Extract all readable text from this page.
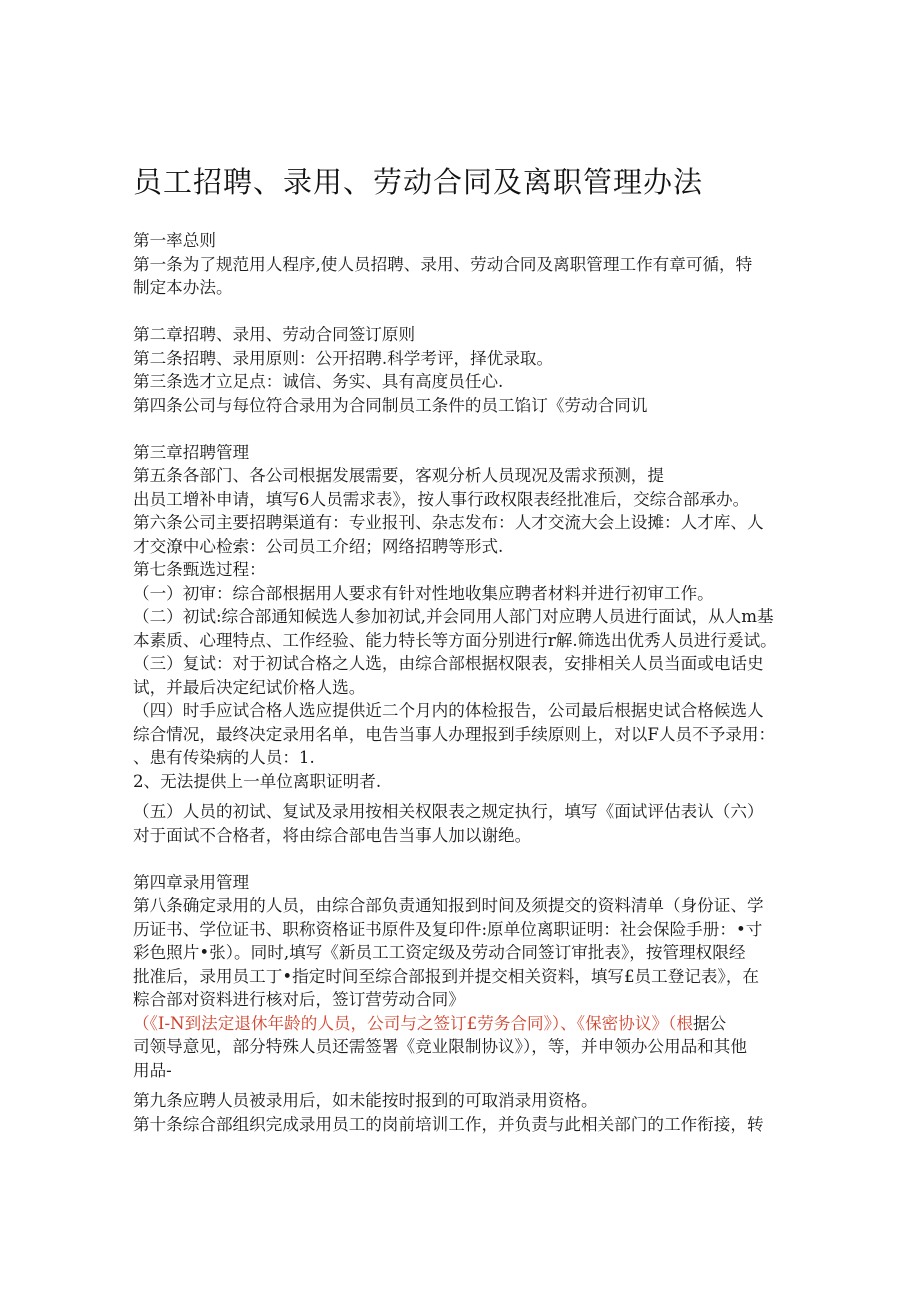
员工招聘、录用、劳动合同及离职管理办法
第一率总则
第一条为了规范用人程序,使人员招聘、录用、劳动合同及离职管理工作有章可循，特
制定本办法。
第二章招聘、录用、劳动合同签订原则
第二条招聘、录用原则：公开招聘.科学考评，择优录取。
第三条选才立足点：诚信、务实、具有高度员任心.
第四条公司与每位符合录用为合同制员工条件的员工馅订《劳动合同讥
第三章招聘管理
第五条各部门、各公司根据发展需要，客观分析人员现况及需求预测，提
出员工增补申请，填写6人员需求表》，按人事行政权限表经批准后，交综合部承办。
第六条公司主要招聘渠道有：专业报刊、杂志发布：人才交流大会上设摊：人才库、人
才交潦中心检索：公司员工介绍；网络招聘等形式.
第七条甄选过程：
（一）初审：综合部根据用人要求有针对性地收集应聘者材料并进行初审工作。
（二）初试:综合部通知候选人参加初试,并会同用人部门对应聘人员进行面试，从人m基
本素质、心理特点、工作经验、能力特长等方面分别进行r解.筛选出优秀人员进行爰试。
（三）复试：对于初试合格之人选，由综合部根据权限表，安排相关人员当面或电话史
试，并最后决定纪试价格人选。
（四）时手应试合格人选应提供近二个月内的体检报告，公司最后根据史试合格候选人
综合情况，最终决定录用名单，电告当事人办理报到手续原则上，对以F人员不予录用：
、患有传染病的人员：1.
2、无法提供上一单位离职证明者.
（五）人员的初试、复试及录用按相关权限表之规定执行，填写《面试评估表认（六）
对于面试不合格者，将由综合部电告当事人加以谢绝。
第四章录用管理
第八条确定录用的人员，由综合部负责通知报到时间及须提交的资料清单（身份证、学
历证书、学位证书、职称资格证书原件及复印件:原单位离职证明：社会保险手册：•寸
彩色照片•张）。同时,填写《新员工工资定级及劳动合同签订审批表》，按管理权限经
批准后，录用员工丁•指定时间至综合部报到并提交相关资料，填写£员工登记表》，在
粽合部对资料进行核对后，签订营劳动合同》
（《I-N到法定退休年龄的人员，公司与之签订£劳务合同》）、《保密协议》（根据公
司领导意见，部分特殊人员还需签署《竞业限制协议》），等，并申领办公用品和其他
用品-
第九条应聘人员被录用后，如未能按时报到的可取消录用资格。
第十条综合部组织完成录用员工的岗前培训工作，并负责与此相关部门的工作衔接，转
